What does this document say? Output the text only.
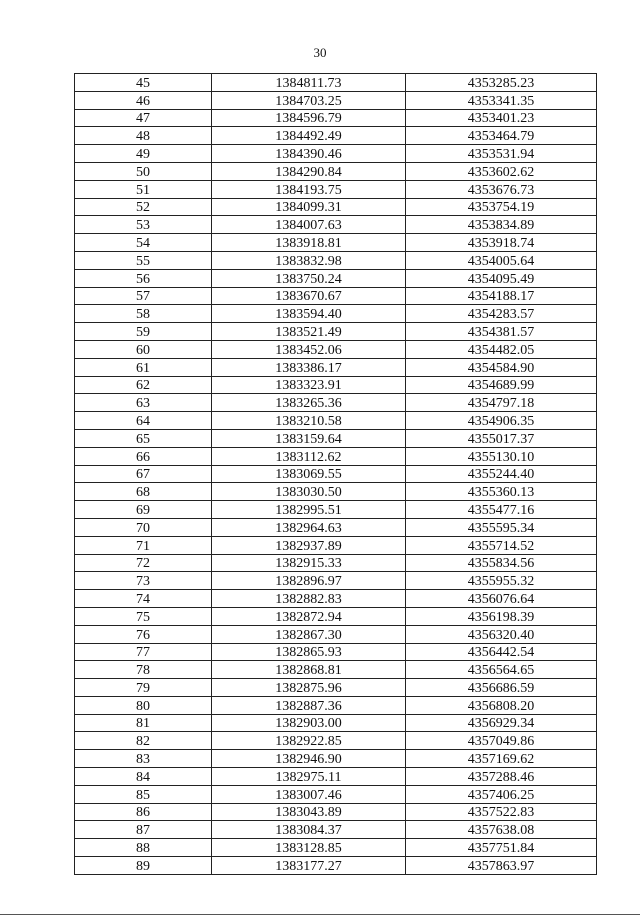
30
45	1384811.73	4353285.23
46	1384703.25	4353341.35
47	1384596.79	4353401.23
48	1384492.49	4353464.79
49	1384390.46	4353531.94
50	1384290.84	4353602.62
51	1384193.75	4353676.73
52	1384099.31	4353754.19
53	1384007.63	4353834.89
54	1383918.81	4353918.74
55	1383832.98	4354005.64
56	1383750.24	4354095.49
57	1383670.67	4354188.17
58	1383594.40	4354283.57
59	1383521.49	4354381.57
60	1383452.06	4354482.05
61	1383386.17	4354584.90
62	1383323.91	4354689.99
63	1383265.36	4354797.18
64	1383210.58	4354906.35
65	1383159.64	4355017.37
66	1383112.62	4355130.10
67	1383069.55	4355244.40
68	1383030.50	4355360.13
69	1382995.51	4355477.16
70	1382964.63	4355595.34
71	1382937.89	4355714.52
72	1382915.33	4355834.56
73	1382896.97	4355955.32
74	1382882.83	4356076.64
75	1382872.94	4356198.39
76	1382867.30	4356320.40
77	1382865.93	4356442.54
78	1382868.81	4356564.65
79	1382875.96	4356686.59
80	1382887.36	4356808.20
81	1382903.00	4356929.34
82	1382922.85	4357049.86
83	1382946.90	4357169.62
84	1382975.11	4357288.46
85	1383007.46	4357406.25
86	1383043.89	4357522.83
87	1383084.37	4357638.08
88	1383128.85	4357751.84
89	1383177.27	4357863.97
